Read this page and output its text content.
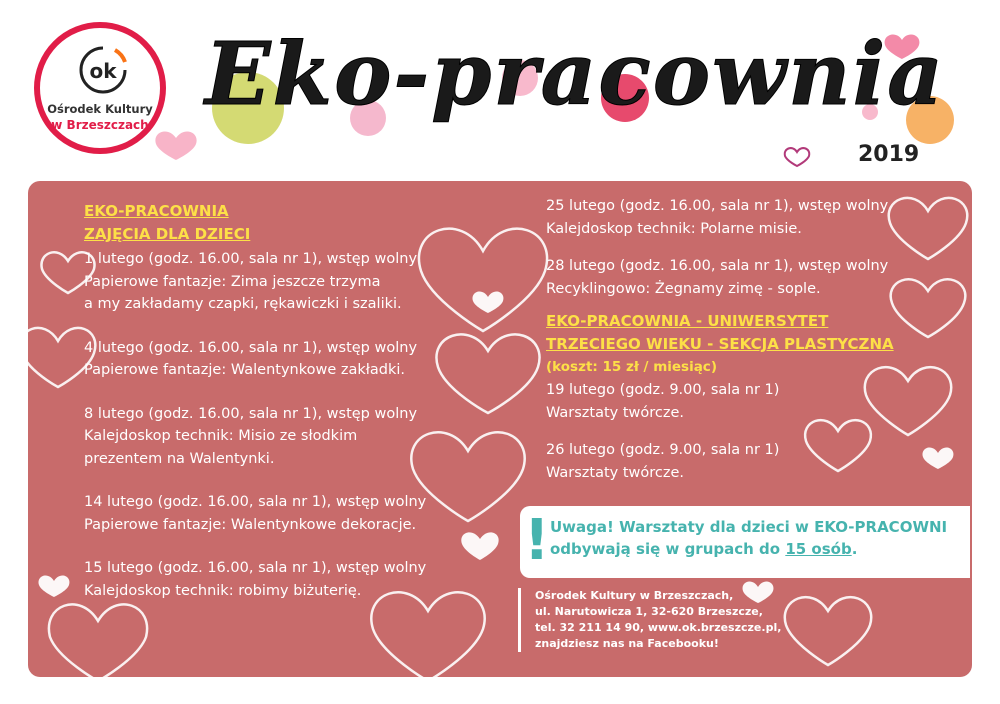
ok
Ośrodek Kultury
w Brzeszczach Eko-pracownia
2019
EKO-PRACOWNIA
ZAJĘCIA DLA DZIECI
1 lutego (godz. 16.00, sala nr 1), wstęp wolny
Papierowe fantazje: Zima jeszcze trzyma
a my zakładamy czapki, rękawiczki i szaliki.
4 lutego (godz. 16.00, sala nr 1), wstęp wolny
Papierowe fantazje: Walentynkowe zakładki.
8 lutego (godz. 16.00, sala nr 1), wstęp wolny
Kalejdoskop technik: Misio ze słodkim
prezentem na Walentynki.
14 lutego (godz. 16.00, sala nr 1), wstęp wolny
Papierowe fantazje: Walentynkowe dekoracje.
15 lutego (godz. 16.00, sala nr 1), wstęp wolny
Kalejdoskop technik: robimy biżuterię.
25 lutego (godz. 16.00, sala nr 1), wstęp wolny
Kalejdoskop technik: Polarne misie.
28 lutego (godz. 16.00, sala nr 1), wstęp wolny
Recyklingowo: Żegnamy zimę - sople.
EKO-PRACOWNIA - UNIWERSYTET
TRZECIEGO WIEKU - SEKCJA PLASTYCZNA
(koszt: 15 zł / miesiąc)
19 lutego (godz. 9.00, sala nr 1)
Warsztaty twórcze.
26 lutego (godz. 9.00, sala nr 1)
Warsztaty twórcze.
! Uwaga! Warsztaty dla dzieci w EKO-PRACOWNI
odbywają się w grupach do 15 osób.
Ośrodek Kultury w Brzeszczach,
ul. Narutowicza 1, 32-620 Brzeszcze,
tel. 32 211 14 90, www.ok.brzeszcze.pl,
znajdziesz nas na Facebooku!
